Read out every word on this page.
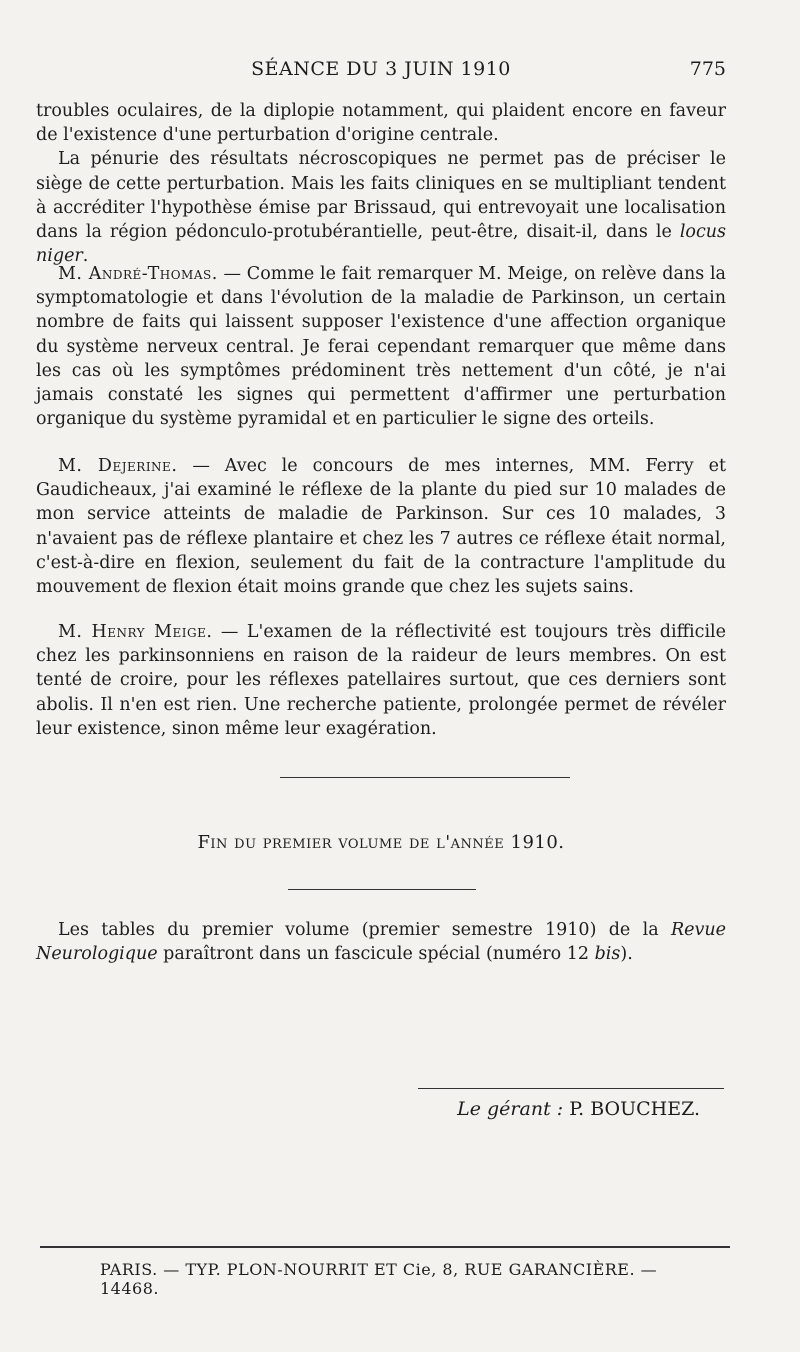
SÉANCE DU 3 JUIN 1910	775

troubles oculaires, de la diplopie notamment, qui plaident encore en faveur de l'existence d'une perturbation d'origine centrale.

La pénurie des résultats nécroscopiques ne permet pas de préciser le siège de cette perturbation. Mais les faits cliniques en se multipliant tendent à accréditer l'hypothèse émise par Brissaud, qui entrevoyait une localisation dans la région pédonculo-protubérantielle, peut-être, disait-il, dans le locus niger.

M. André-Thomas. — Comme le fait remarquer M. Meige, on relève dans la symptomatologie et dans l'évolution de la maladie de Parkinson, un certain nombre de faits qui laissent supposer l'existence d'une affection organique du système nerveux central. Je ferai cependant remarquer que même dans les cas où les symptômes prédominent très nettement d'un côté, je n'ai jamais constaté les signes qui permettent d'affirmer une perturbation organique du système pyramidal et en particulier le signe des orteils.

M. Dejerine. — Avec le concours de mes internes, MM. Ferry et Gaudicheaux, j'ai examiné le réflexe de la plante du pied sur 10 malades de mon service atteints de maladie de Parkinson. Sur ces 10 malades, 3 n'avaient pas de réflexe plantaire et chez les 7 autres ce réflexe était normal, c'est-à-dire en flexion, seulement du fait de la contracture l'amplitude du mouvement de flexion était moins grande que chez les sujets sains.

M. Henry Meige. — L'examen de la réflectivité est toujours très difficile chez les parkinsonniens en raison de la raideur de leurs membres. On est tenté de croire, pour les réflexes patellaires surtout, que ces derniers sont abolis. Il n'en est rien. Une recherche patiente, prolongée permet de révéler leur existence, sinon même leur exagération.

Fin du premier volume de l'année 1910.

Les tables du premier volume (premier semestre 1910) de la Revue Neurologique paraîtront dans un fascicule spécial (numéro 12 bis).

Le gérant : P. BOUCHEZ.
PARIS. — TYP. PLON-NOURRIT ET Cie, 8, RUE GARANCIÈRE. — 14468.
